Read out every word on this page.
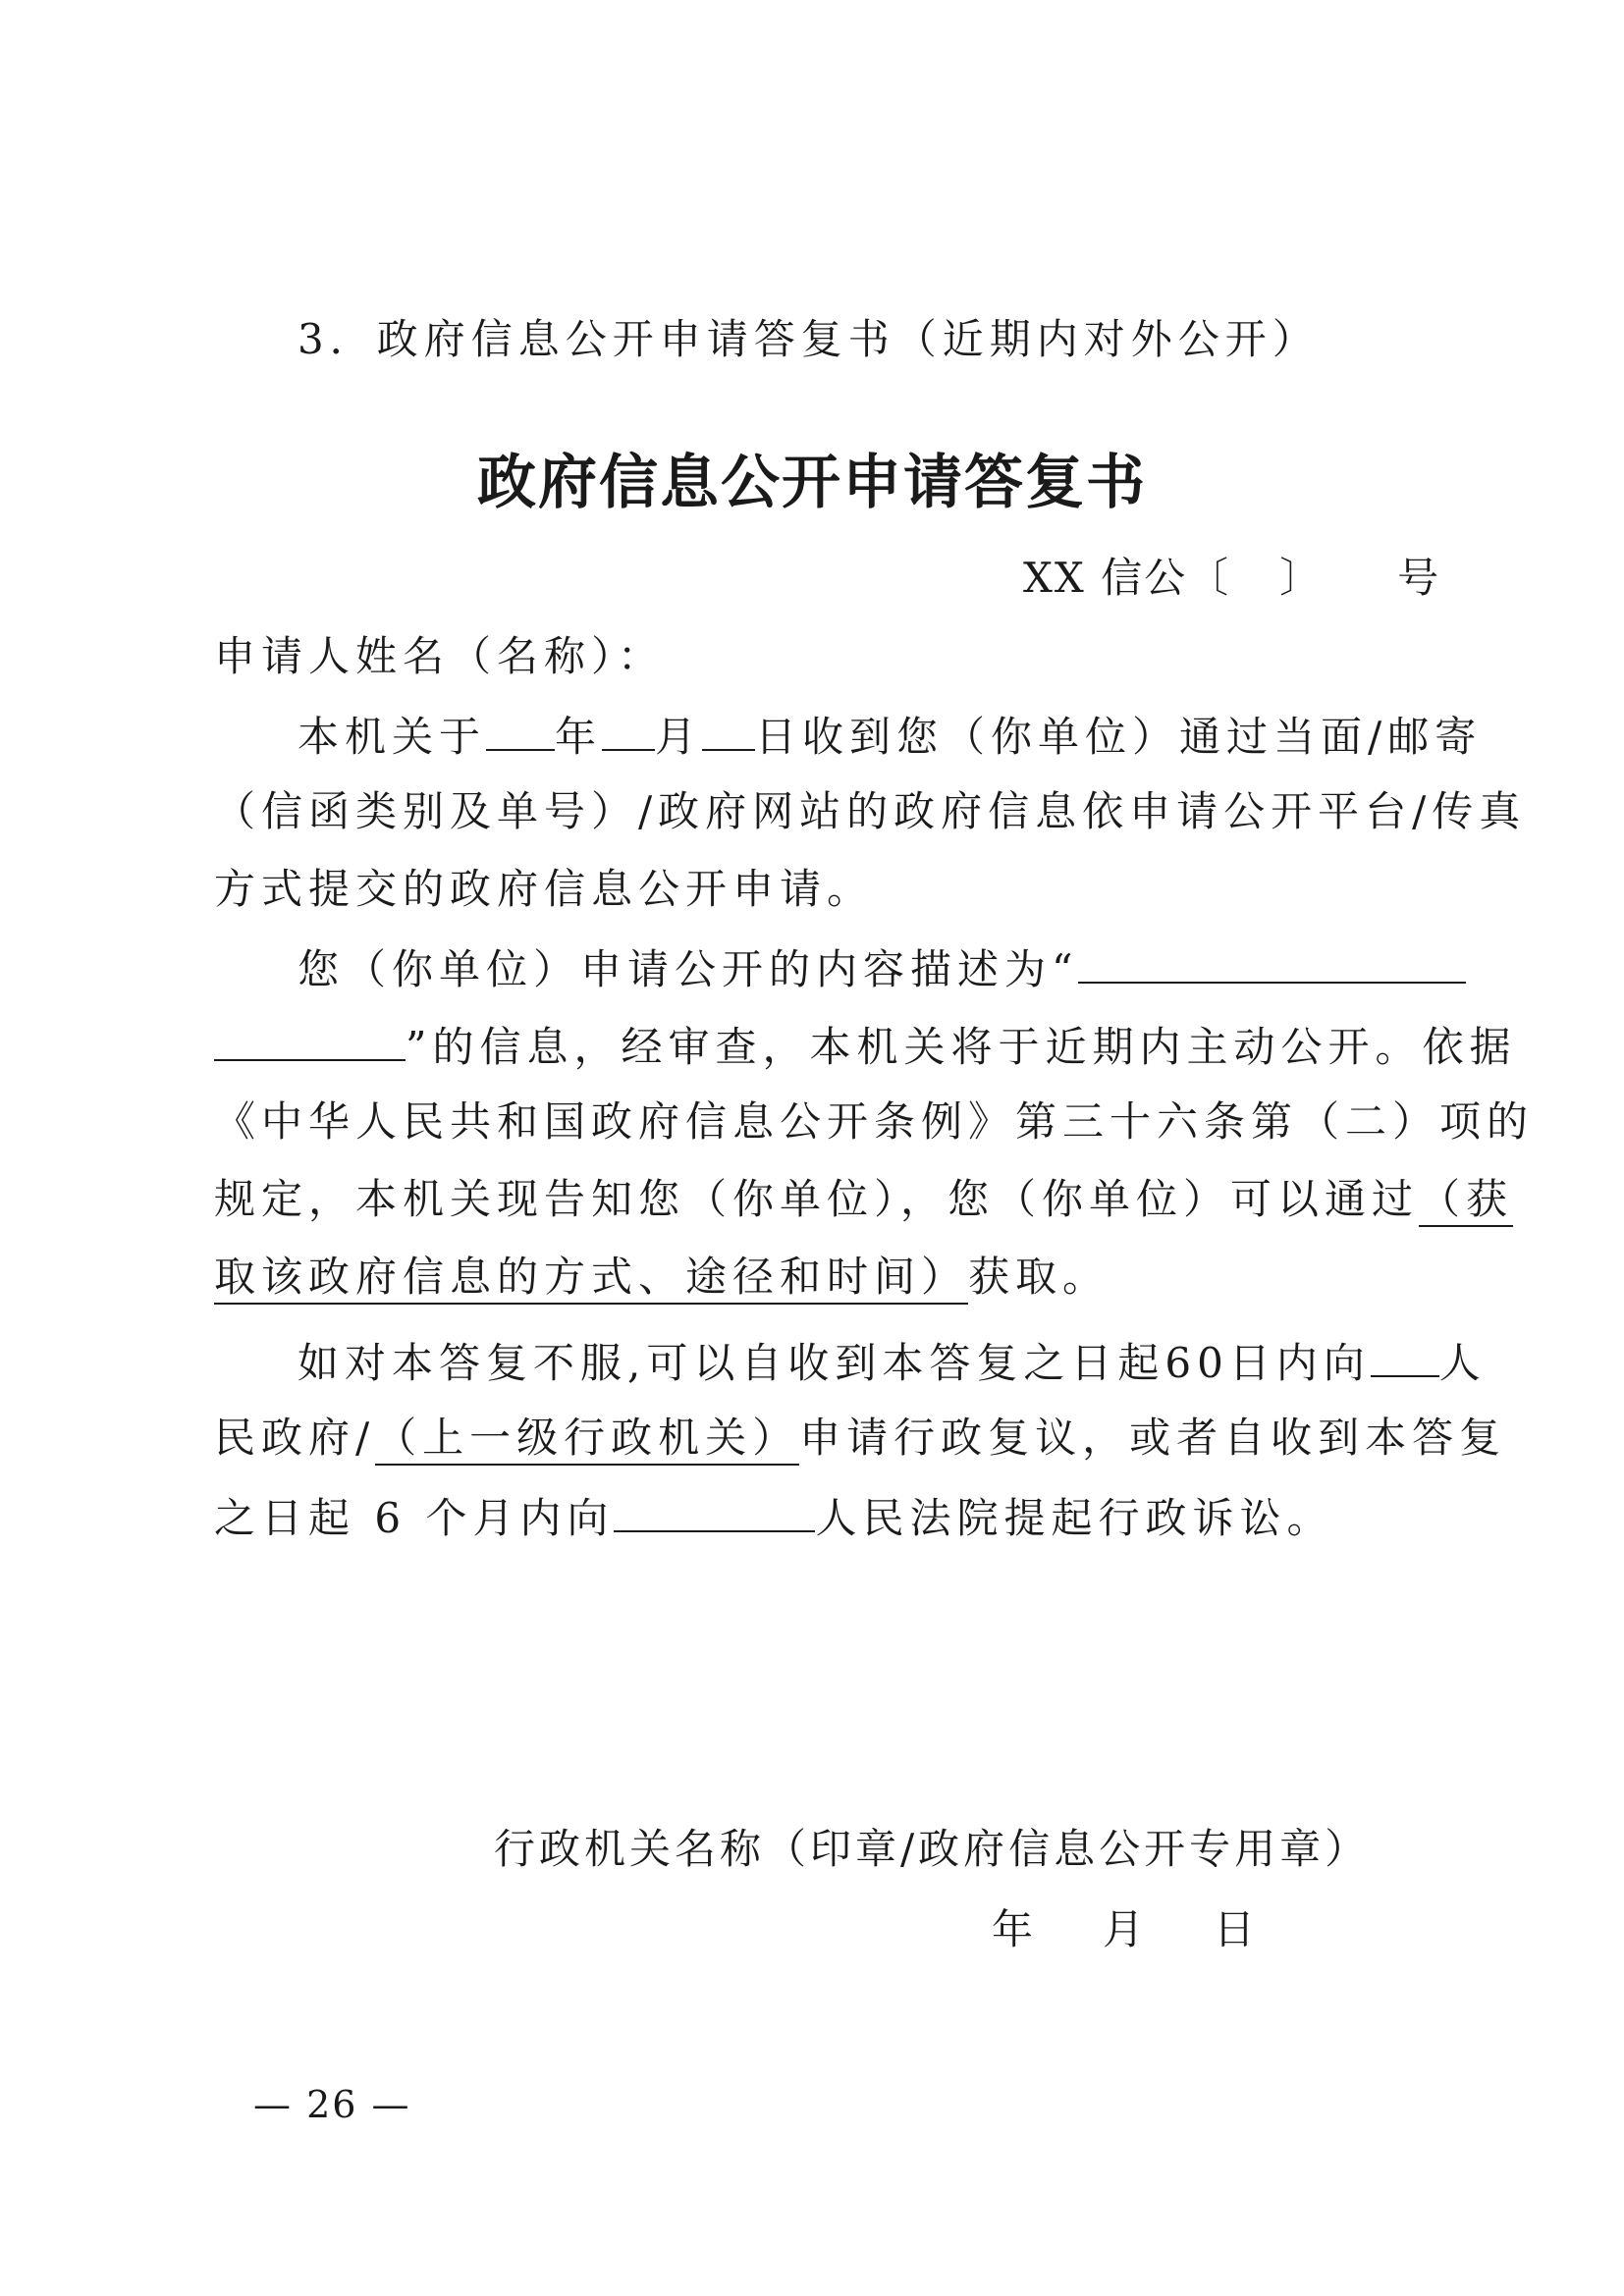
3．政府信息公开申请答复书（近期内对外公开）
政府信息公开申请答复书
XX 信公〔 〕 号
申请人姓名（名称）：
本机关于 年 月 日收到您（你单位）通过当面/邮寄
（信函类别及单号）/政府网站的政府信息依申请公开平台/传真
方式提交的政府信息公开申请。
您（你单位）申请公开的内容描述为“
”的信息，经审查，本机关将于近期内主动公开。依据
《中华人民共和国政府信息公开条例》第三十六条第（二）项的
规定，本机关现告知您（你单位），您（你单位）可以通过（获
取该政府信息的方式、途径和时间）获取。
如对本答复不服,可以自收到本答复之日起60日内向 人
民政府/（上一级行政机关）申请行政复议，或者自收到本答复
之日起 6 个月内向	人民法院提起行政诉讼。
行政机关名称（印章/政府信息公开专用章）
年 月 日
— 26 —
